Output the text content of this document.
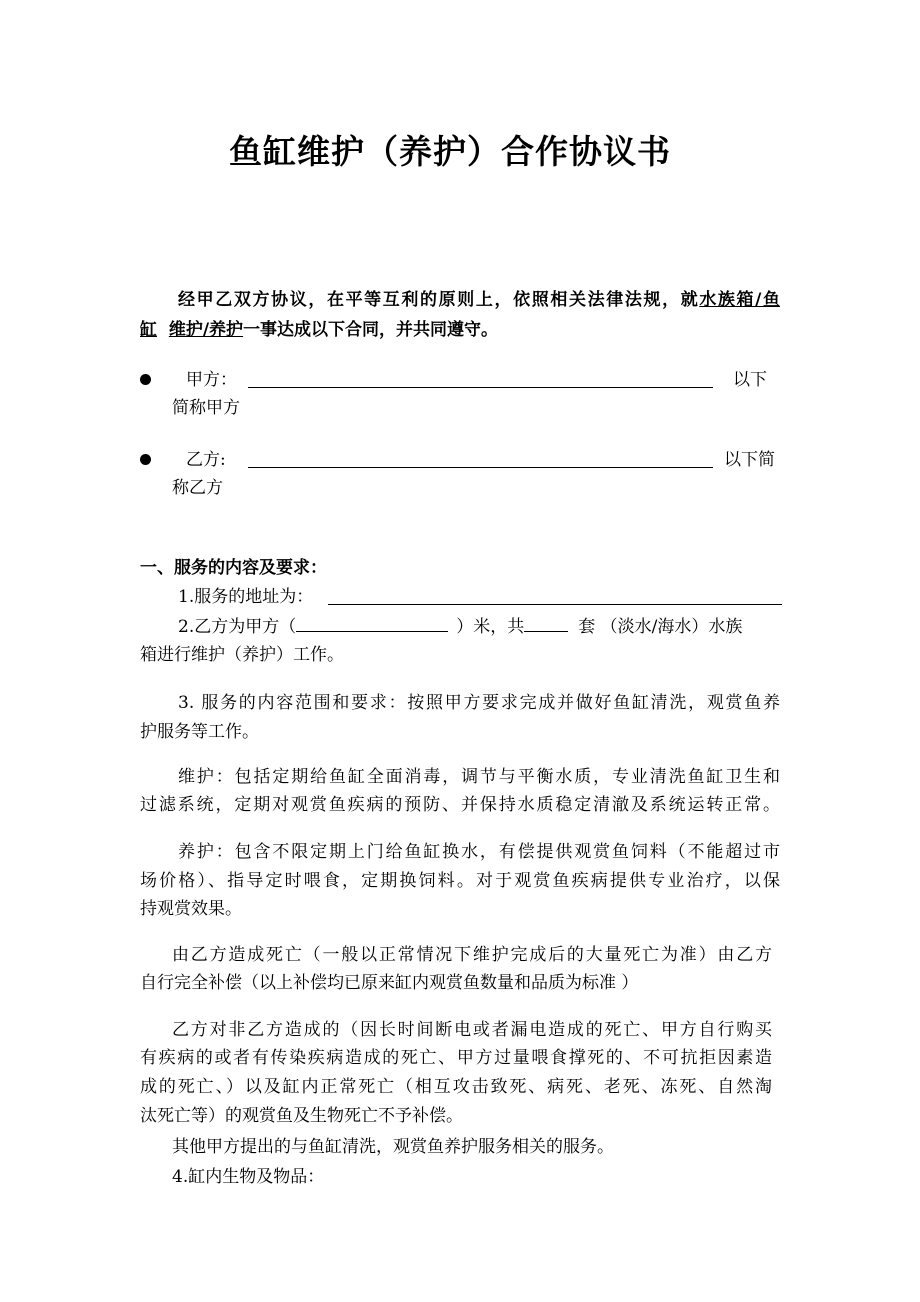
鱼缸维护（养护）合作协议书
经甲乙双方协议，在平等互利的原则上，依照相关法律法规，就水族箱/鱼
缸 维护/养护一事达成以下合同，并共同遵守。
甲方：	以下
简称甲方
乙方:	以下简
称乙方
一、服务的内容及要求：
1.服务的地址为：
2.乙方为甲方（	）米，共	套 （淡水/海水）水族
箱进行维护（养护）工作。
3. 服务的内容范围和要求：按照甲方要求完成并做好鱼缸清洗，观赏鱼养
护服务等工作。
维护：包括定期给鱼缸全面消毒，调节与平衡水质，专业清洗鱼缸卫生和
过滤系统，定期对观赏鱼疾病的预防、并保持水质稳定清澈及系统运转正常。
养护：包含不限定期上门给鱼缸换水，有偿提供观赏鱼饲料（不能超过市
场价格）、指导定时喂食，定期换饲料。对于观赏鱼疾病提供专业治疗，以保
持观赏效果。
由乙方造成死亡（一般以正常情况下维护完成后的大量死亡为准）由乙方
自行完全补偿（以上补偿均已原来缸内观赏鱼数量和品质为标准 ）
乙方对非乙方造成的（因长时间断电或者漏电造成的死亡、甲方自行购买
有疾病的或者有传染疾病造成的死亡、甲方过量喂食撑死的、不可抗拒因素造
成的死亡、）以及缸内正常死亡（相互攻击致死、病死、老死、冻死、自然淘
汰死亡等）的观赏鱼及生物死亡不予补偿。
其他甲方提出的与鱼缸清洗，观赏鱼养护服务相关的服务。
4.缸内生物及物品：
